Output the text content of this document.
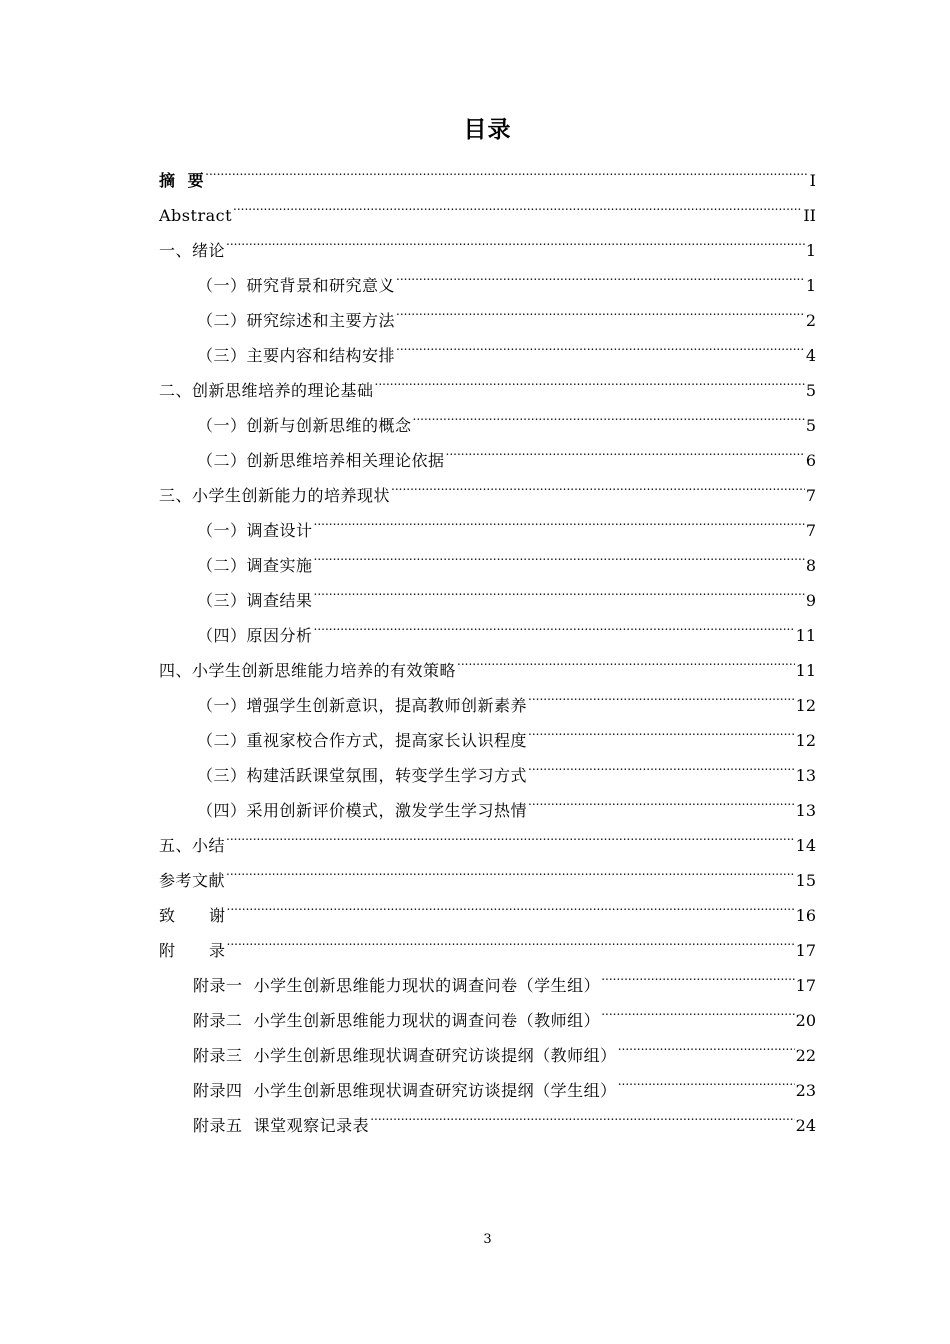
目录
摘  要 .....	I
Abstract .....	II
一、绪论 .....	1
（一）研究背景和研究意义 .....	1
（二）研究综述和主要方法 .....	2
（三）主要内容和结构安排 .....	4
二、创新思维培养的理论基础 .....	5
（一）创新与创新思维的概念 .....	5
（二）创新思维培养相关理论依据 .....	6
三、小学生创新能力的培养现状 .....	7
（一）调查设计 .....	7
（二）调查实施 .....	8
（三）调查结果 .....	9
（四）原因分析 .....	11
四、小学生创新思维能力培养的有效策略 .....	11
（一）增强学生创新意识，提高教师创新素养 .....	12
（二）重视家校合作方式，提高家长认识程度 .....	12
（三）构建活跃课堂氛围，转变学生学习方式 .....	13
（四）采用创新评价模式，激发学生学习热情 .....	13
五、小结 .....	14
参考文献 .....	15
致      谢 .....	16
附      录 .....	17
附录一  小学生创新思维能力现状的调查问卷（学生组） .....	17
附录二  小学生创新思维能力现状的调查问卷（教师组） .....	20
附录三  小学生创新思维现状调查研究访谈提纲（教师组） .....	22
附录四  小学生创新思维现状调查研究访谈提纲（学生组） .....	23
附录五  课堂观察记录表 .....	24
3
